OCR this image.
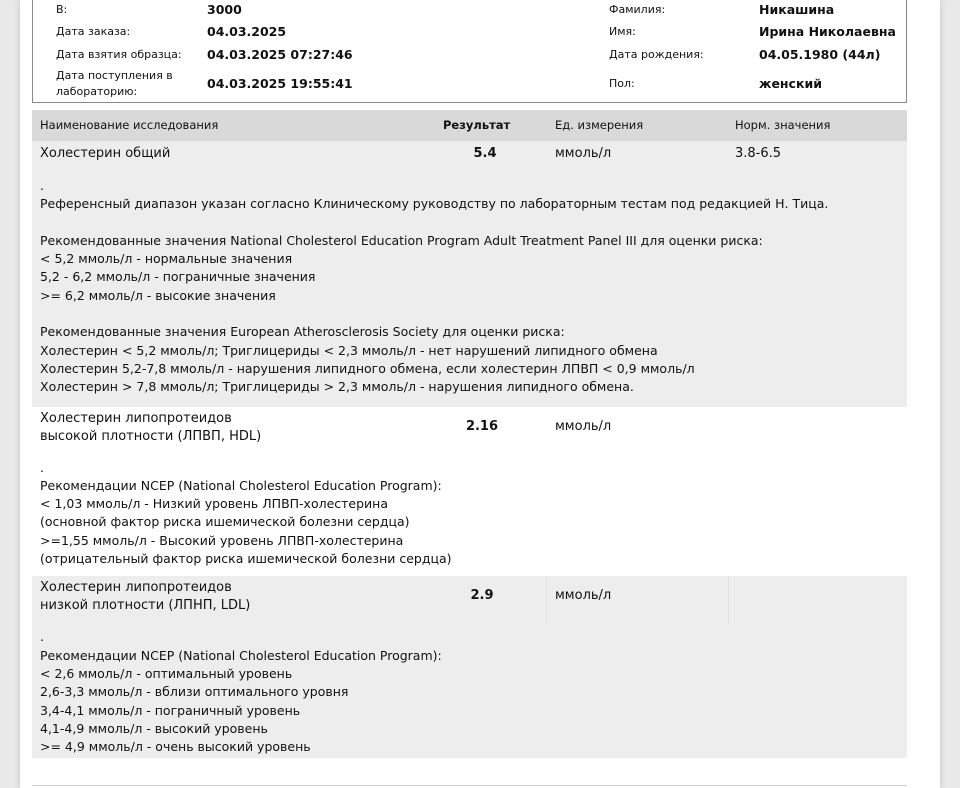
В:	3000
Дата заказа:	04.03.2025
Дата взятия образца: 04.03.2025 07:27:46
Дата поступления в
лабораторию:
04.03.2025 19:55:41
Фамилия:	Никашина
Имя:	Ирина Николаевна
Дата рождения:	04.05.1980 (44л)
Пол:	женский
Наименование исследования	Результат	Ед. измерения	Норм. значения
Холестерин общий	5.4	ммоль/л	3.8-6.5

.

Референсный диапазон указан согласно Клиническому руководству по лабораторным тестам под редакцией Н. Тица.

Рекомендованные значения National Cholesterol Education Program Adult Treatment Panel III для оценки риска:

< 5,2 ммоль/л - нормальные значения

5,2 - 6,2 ммоль/л - пограничные значения

>= 6,2 ммоль/л - высокие значения

Рекомендованные значения European Atherosclerosis Society для оценки риска:

Холестерин < 5,2 ммоль/л; Триглицериды < 2,3 ммоль/л - нет нарушений липидного обмена

Холестерин 5,2-7,8 ммоль/л - нарушения липидного обмена, если холестерин ЛПВП < 0,9 ммоль/л

Холестерин > 7,8 ммоль/л; Триглицериды > 2,3 ммоль/л - нарушения липидного обмена.

Холестерин липопротеидов
высокой плотности (ЛПВП, HDL)
2.16	ммоль/л

.

Рекомендации NCEP (National Cholesterol Education Program):

< 1,03 ммоль/л - Низкий уровень ЛПВП-холестерина

(основной фактор риска ишемической болезни сердца)

>=1,55 ммоль/л - Высокий уровень ЛПВП-холестерина

(отрицательный фактор риска ишемической болезни сердца)

Холестерин липопротеидов
низкой плотности (ЛПНП, LDL)
2.9	ммоль/л

.

Рекомендации NCEP (National Cholesterol Education Program):

< 2,6 ммоль/л - оптимальный уровень

2,6-3,3 ммоль/л - вблизи оптимального уровня

3,4-4,1 ммоль/л - пограничный уровень

4,1-4,9 ммоль/л - высокий уровень

>= 4,9 ммоль/л - очень высокий уровень
